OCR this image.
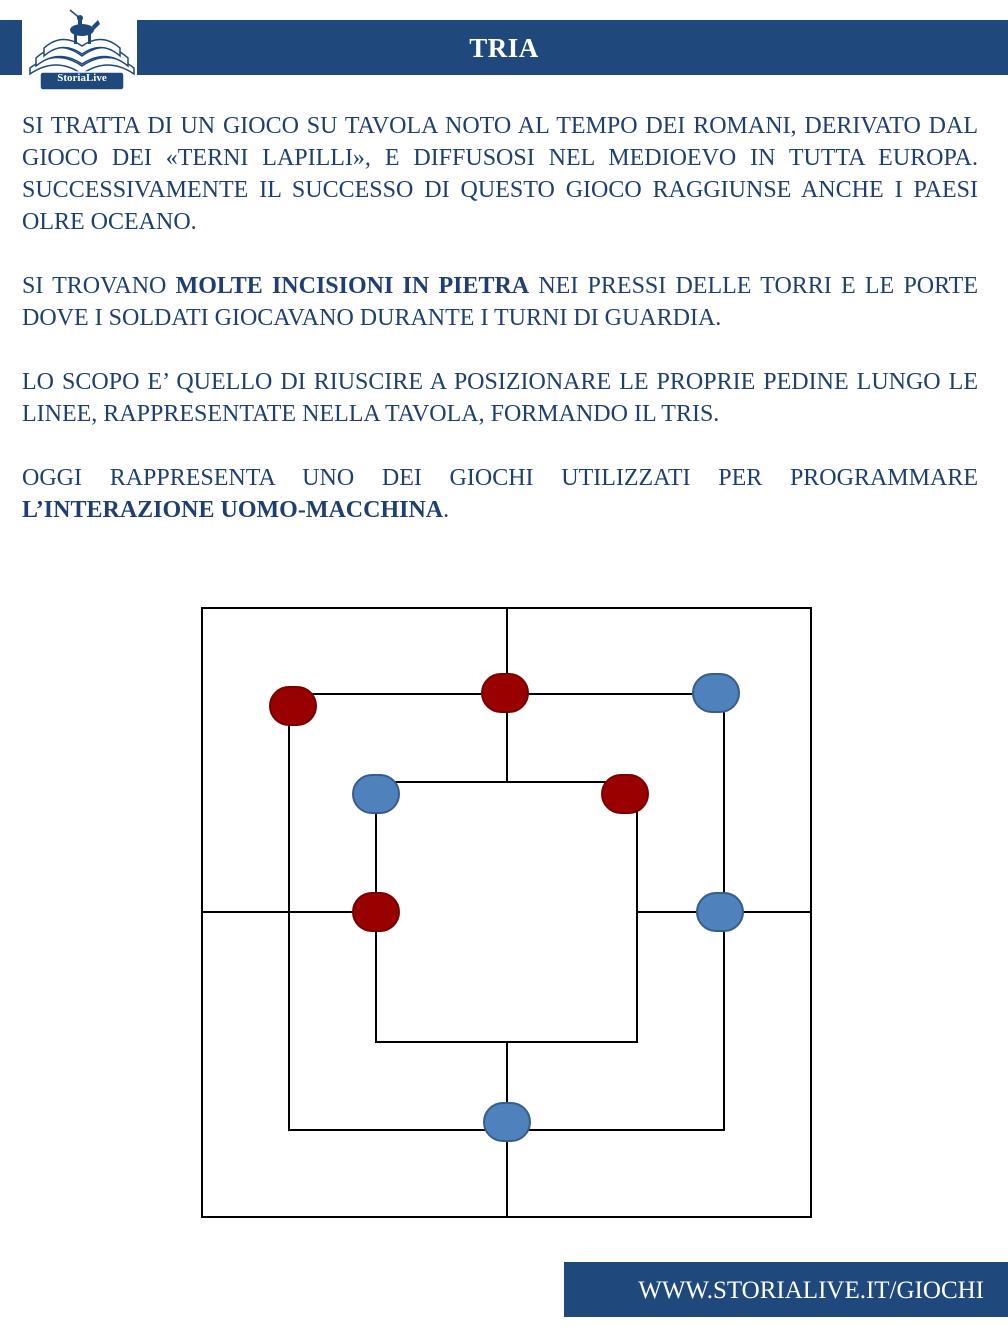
TRIA
StoriaLive

SI TRATTA DI UN GIOCO SU TAVOLA NOTO AL TEMPO DEI ROMANI, DERIVATO DAL GIOCO DEI «TERNI LAPILLI», E DIFFUSOSI NEL MEDIOEVO IN TUTTA EUROPA. SUCCESSIVAMENTE IL SUCCESSO DI QUESTO GIOCO RAGGIUNSE ANCHE I PAESI OLRE OCEANO.

SI TROVANO MOLTE INCISIONI IN PIETRA NEI PRESSI DELLE TORRI E LE PORTE DOVE I SOLDATI GIOCAVANO DURANTE I TURNI DI GUARDIA.

LO SCOPO E’ QUELLO DI RIUSCIRE A POSIZIONARE LE PROPRIE PEDINE LUNGO LE LINEE, RAPPRESENTATE NELLA TAVOLA, FORMANDO IL TRIS.

OGGI RAPPRESENTA UNO DEI GIOCHI UTILIZZATI PER PROGRAMMARE L’INTERAZIONE UOMO-MACCHINA.

WWW.STORIALIVE.IT/GIOCHI
